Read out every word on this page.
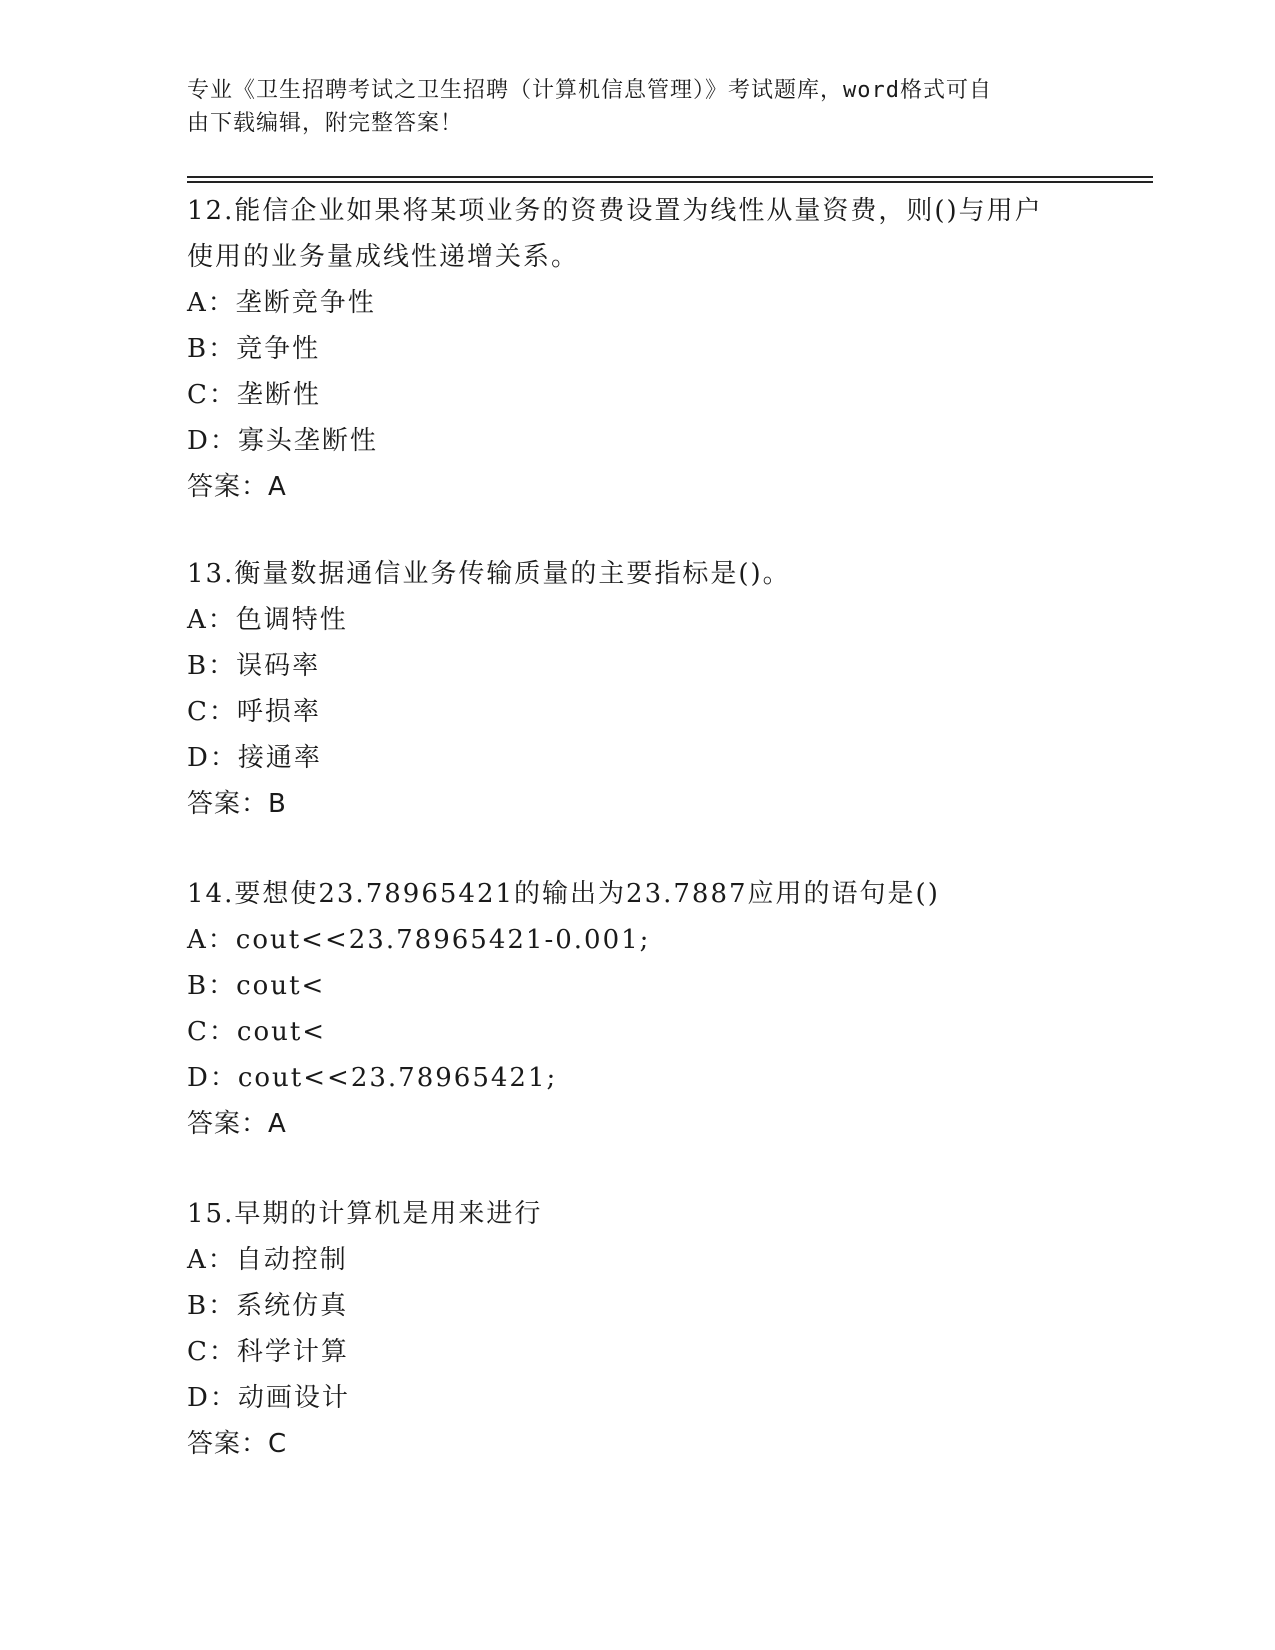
专业《卫生招聘考试之卫生招聘（计算机信息管理）》考试题库，word格式可自
由下载编辑，附完整答案！
12.能信企业如果将某项业务的资费设置为线性从量资费，则()与用户
使用的业务量成线性递增关系。
A：垄断竞争性
B：竞争性
C：垄断性
D：寡头垄断性
答案：A
13.衡量数据通信业务传输质量的主要指标是()。
A：色调特性
B：误码率
C：呼损率
D：接通率
答案：B
14.要想使23.78965421的输出为23.7887应用的语句是()
A：cout<<23.78965421-0.001;
B：cout<
C：cout<
D：cout<<23.78965421;
答案：A
15.早期的计算机是用来进行
A：自动控制
B：系统仿真
C：科学计算
D：动画设计
答案：C
